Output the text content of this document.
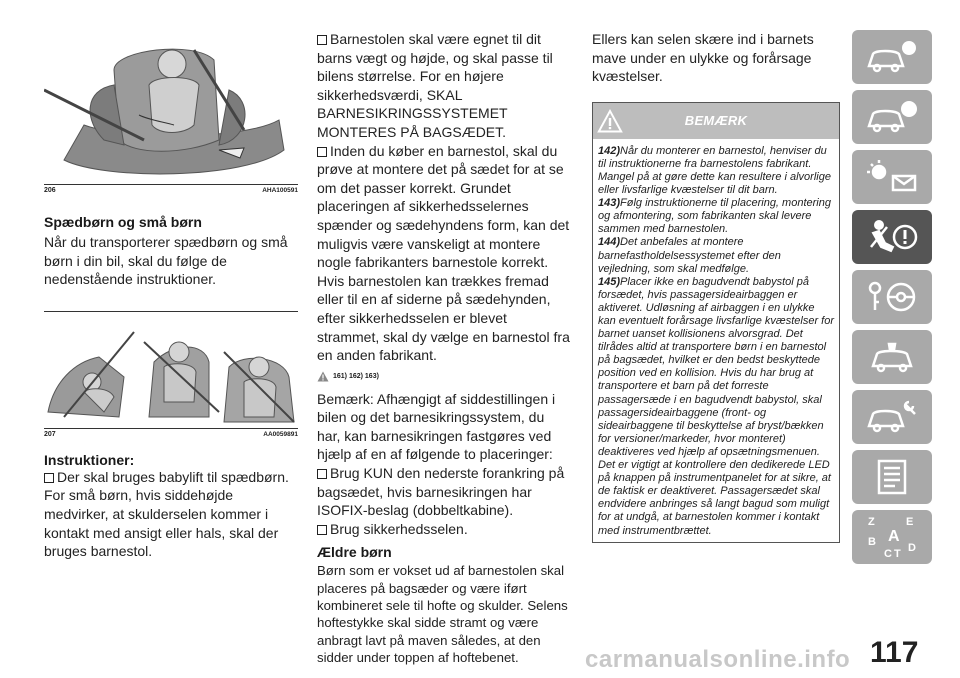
206	AHA100591
Spædbørn og små børn
Når du transporterer spædbørn og små børn i din bil, skal du følge de nedenstående instruktioner.
207	AA0059891
Instruktioner:
Der skal bruges babylift til spædbørn. For små børn, hvis siddehøjde medvirker, at skulderselen kommer i kontakt med ansigt eller hals, skal der bruges barnestol.
Barnestolen skal være egnet til dit barns vægt og højde, og skal passe til bilens størrelse. For en højere sikkerhedsværdi, SKAL BARNESIKRINGSSYSTEMET MONTERES PÅ BAGSÆDET.
Inden du køber en barnestol, skal du prøve at montere det på sædet for at se om det passer korrekt. Grundet placeringen af sikkerhedsselernes spænder og sædehyndens form, kan det muligvis være vanskeligt at montere nogle fabrikanters barnestole korrekt. Hvis barnestolen kan trækkes fremad eller til en af siderne på sædehynden, efter sikkerhedsselen er blevet strammet, skal dy vælge en barnestol fra en anden fabrikant.
161) 162) 163)
Bemærk: Afhængigt af siddestillingen i bilen og det barnesikringssystem, du har, kan barnesikringen fastgøres ved hjælp af en af følgende to placeringer:
Brug KUN den nederste forankring på bagsædet, hvis barnesikringen har ISOFIX-beslag (dobbeltkabine).
Brug sikkerhedsselen.
Ældre børn
Børn som er vokset ud af barnestolen skal placeres på bagsæder og være iført kombineret sele til hofte og skulder. Selens hoftestykke skal sidde stramt og være anbragt lavt på maven således, at den sidder under toppen af hoftebenet.
Ellers kan selen skære ind i barnets mave under en ulykke og forårsage kvæstelser.
BEMÆRK
142)Når du monterer en barnestol, henviser du til instruktionerne fra barnestolens fabrikant. Mangel på at gøre dette kan resultere i alvorlige eller livsfarlige kvæstelser til dit barn.
143)Følg instruktionerne til placering, montering og afmontering, som fabrikanten skal levere sammen med barnestolen.
144)Det anbefales at montere barnefastholdelsessystemet efter den vejledning, som skal medfølge.
145)Placer ikke en bagudvendt babystol på forsædet, hvis passagersideairbaggen er aktiveret. Udløsning af airbaggen i en ulykke kan eventuelt forårsage livsfarlige kvæstelser for barnet uanset kollisionens alvorsgrad. Det tilrådes altid at transportere børn i en barnestol på bagsædet, hvilket er den bedst beskyttede position ved en kollision. Hvis du har brug at transportere et barn på det forreste passagersæde i en bagudvendt babystol, skal passagersideairbaggene (front- og sideairbaggene til beskyttelse af bryst/bækken for versioner/markeder, hvor monteret) deaktiveres ved hjælp af opsætningsmenuen. Det er vigtigt at kontrollere den dedikerede LED på knappen på instrumentpanelet for at sikre, at de faktisk er deaktiveret. Passagersædet skal endvidere anbringes så langt bagud som muligt for at undgå, at barnestolen kommer i kontakt med instrumentbrættet.
Z	E
B
C T D
A
carmanualsonline.info 117
